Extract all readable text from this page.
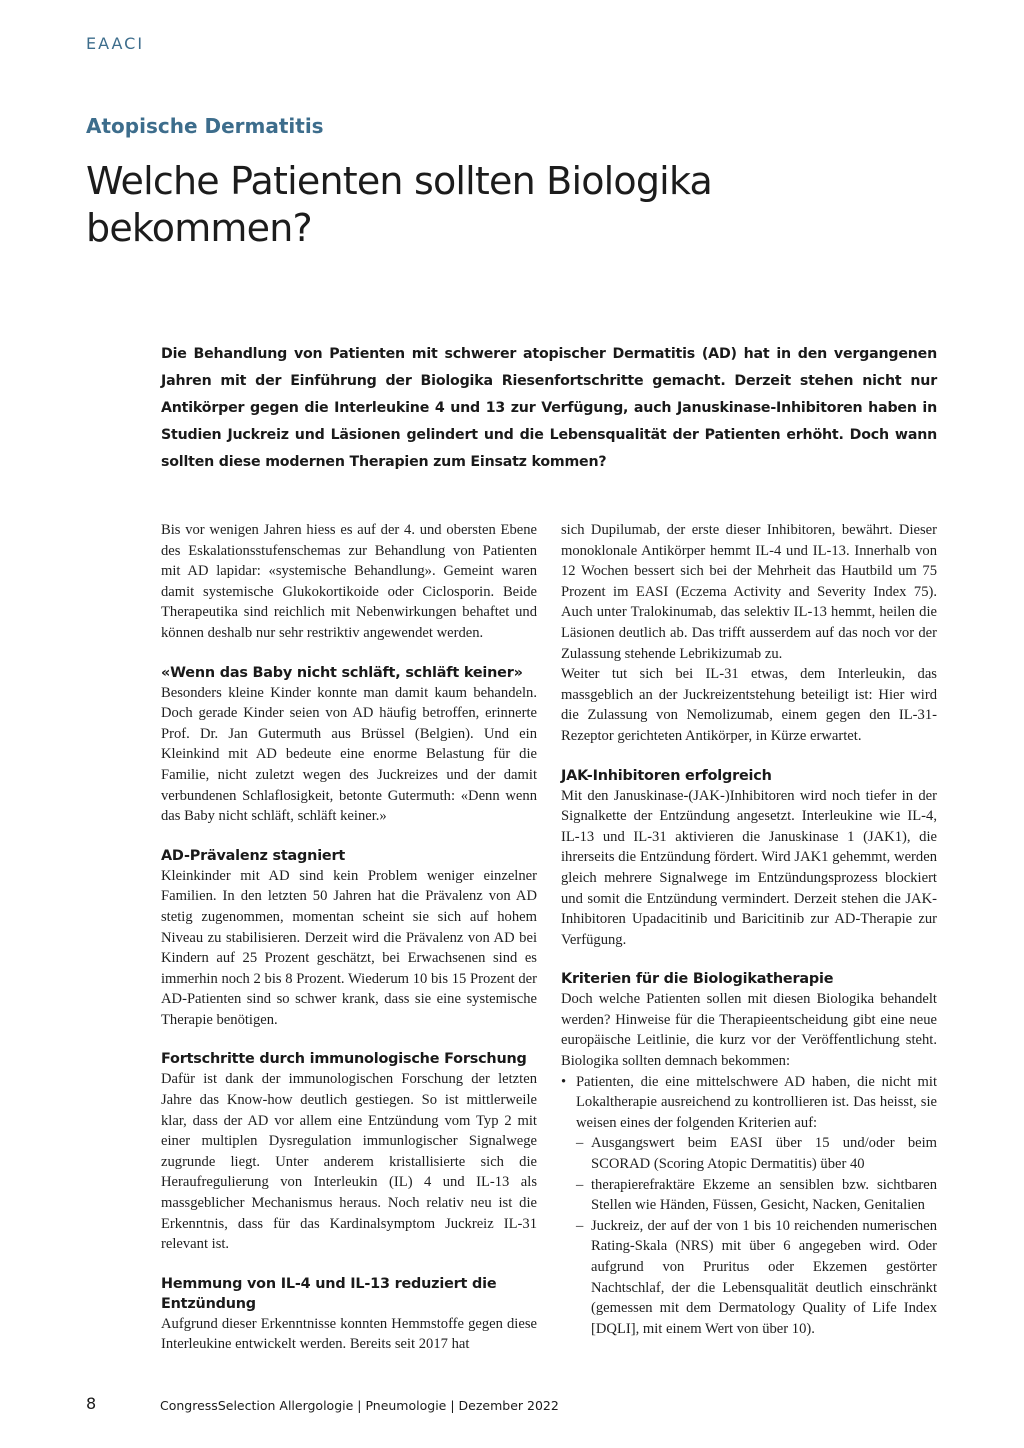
EAACI
Atopische Dermatitis
Welche Patienten sollten Biologika bekommen?

Die Behandlung von Patienten mit schwerer atopischer Dermatitis (AD) hat in den vergangenen Jahren mit der Einführung der Biologika Riesenfortschritte gemacht. Derzeit stehen nicht nur Antikörper gegen die Interleukine 4 und 13 zur Verfügung, auch Januskinase-Inhibitoren haben in Studien Juckreiz und Läsionen gelindert und die Lebensqualität der Patienten erhöht. Doch wann sollten diese modernen Therapien zum Einsatz kommen?

Bis vor wenigen Jahren hiess es auf der 4. und obersten Ebene des Eskalationsstufenschemas zur Behandlung von Patienten mit AD lapidar: «systemische Behandlung». Gemeint waren damit systemische Glukokortikoide oder Ciclosporin. Beide Therapeutika sind reichlich mit Nebenwirkungen behaftet und können deshalb nur sehr restriktiv angewendet werden.

«Wenn das Baby nicht schläft, schläft keiner»

Besonders kleine Kinder konnte man damit kaum behandeln. Doch gerade Kinder seien von AD häufig betroffen, erinnerte Prof. Dr. Jan Gutermuth aus Brüssel (Belgien). Und ein Kleinkind mit AD bedeute eine enorme Belastung für die Familie, nicht zuletzt wegen des Juckreizes und der damit verbundenen Schlaflosigkeit, betonte Gutermuth: «Denn wenn das Baby nicht schläft, schläft keiner.»

AD-Prävalenz stagniert

Kleinkinder mit AD sind kein Problem weniger einzelner Familien. In den letzten 50 Jahren hat die Prävalenz von AD stetig zugenommen, momentan scheint sie sich auf hohem Niveau zu stabilisieren. Derzeit wird die Prävalenz von AD bei Kindern auf 25 Prozent geschätzt, bei Erwachsenen sind es immerhin noch 2 bis 8 Prozent. Wiederum 10 bis 15 Prozent der AD-Patienten sind so schwer krank, dass sie eine systemische Therapie benötigen.

Fortschritte durch immunologische Forschung

Dafür ist dank der immunologischen Forschung der letzten Jahre das Know-how deutlich gestiegen. So ist mittlerweile klar, dass der AD vor allem eine Entzündung vom Typ 2 mit einer multiplen Dysregulation immunlogischer Signalwege zugrunde liegt. Unter anderem kristallisierte sich die Heraufregulierung von Interleukin (IL) 4 und IL-13 als massgeblicher Mechanismus heraus. Noch relativ neu ist die Erkenntnis, dass für das Kardinalsymptom Juckreiz IL-31 relevant ist.

Hemmung von IL-4 und IL-13 reduziert die Entzündung

Aufgrund dieser Erkenntnisse konnten Hemmstoffe gegen diese Interleukine entwickelt werden. Bereits seit 2017 hat

sich Dupilumab, der erste dieser Inhibitoren, bewährt. Dieser monoklonale Antikörper hemmt IL-4 und IL-13. Innerhalb von 12 Wochen bessert sich bei der Mehrheit das Hautbild um 75 Prozent im EASI (Eczema Activity and Severity Index 75). Auch unter Tralokinumab, das selektiv IL-13 hemmt, heilen die Läsionen deutlich ab. Das trifft ausserdem auf das noch vor der Zulassung stehende Lebrikizumab zu.

Weiter tut sich bei IL-31 etwas, dem Interleukin, das massgeblich an der Juckreizentstehung beteiligt ist: Hier wird die Zulassung von Nemolizumab, einem gegen den IL-31-Rezeptor gerichteten Antikörper, in Kürze erwartet.

JAK-Inhibitoren erfolgreich

Mit den Januskinase-(JAK-)Inhibitoren wird noch tiefer in der Signalkette der Entzündung angesetzt. Interleukine wie IL-4, IL-13 und IL-31 aktivieren die Januskinase 1 (JAK1), die ihrerseits die Entzündung fördert. Wird JAK1 gehemmt, werden gleich mehrere Signalwege im Entzündungsprozess blockiert und somit die Entzündung vermindert. Derzeit stehen die JAK-Inhibitoren Upadacitinib und Baricitinib zur AD-Therapie zur Verfügung.

Kriterien für die Biologikatherapie

Doch welche Patienten sollen mit diesen Biologika behandelt werden? Hinweise für die Therapieentscheidung gibt eine neue europäische Leitlinie, die kurz vor der Veröffentlichung steht. Biologika sollten demnach bekommen:

• Patienten, die eine mittelschwere AD haben, die nicht mit Lokaltherapie ausreichend zu kontrollieren ist. Das heisst, sie weisen eines der folgenden Kriterien auf:
– Ausgangswert beim EASI über 15 und/oder beim SCORAD (Scoring Atopic Dermatitis) über 40
– therapierefraktäre Ekzeme an sensiblen bzw. sichtbaren Stellen wie Händen, Füssen, Gesicht, Nacken, Genitalien
– Juckreiz, der auf der von 1 bis 10 reichenden numerischen Rating-Skala (NRS) mit über 6 angegeben wird. Oder aufgrund von Pruritus oder Ekzemen gestörter Nachtschlaf, der die Lebensqualität deutlich einschränkt (gemessen mit dem Dermatology Quality of Life Index [DQLI], mit einem Wert von über 10).
8	CongressSelection Allergologie | Pneumologie | Dezember 2022
